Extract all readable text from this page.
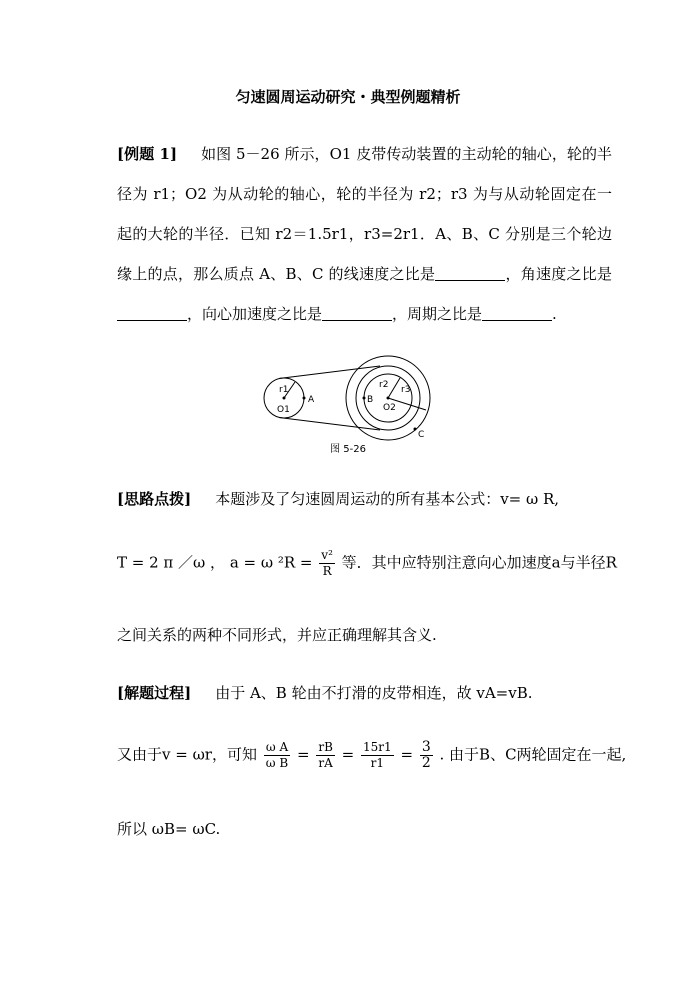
匀速圆周运动研究・典型例题精析
[例题 1] 如图 5－26 所示，O1 皮带传动装置的主动轮的轴心，轮的半径为 r1；O2 为从动轮的轴心，轮的半径为 r2；r3 为与从动轮固定在一起的大轮的半径．已知 r2＝1.5r1，r3=2r1．A、B、C 分别是三个轮边缘上的点，那么质点 A、B、C 的线速度之比是	，角速度之比是，向心加速度之比是	，周期之比是	.
r1
O1
A
r2 r3
B
O2
C
图 5-26
[思路点拨] 本题涉及了匀速圆周运动的所有基本公式：v= ω R,
T = 2 π ／ω ， a = ω $^2R = \frac{\text{v²}}{R}$ 等．其中应特别注意向心加速度a与半径R
之间关系的两种不同形式，并应正确理解其含义.
[解题过程] 由于 A、B 轮由不打滑的皮带相连，故 vA=vB.
又由于v = ωr，可知 $\frac{\text{ω A}}{\text{ω B}} = \frac{rB}{rA} = \frac{15r1}{r1} = \frac{3}{2}$ . 由于B、C两轮固定在一起,
所以 ωB= ωC.
